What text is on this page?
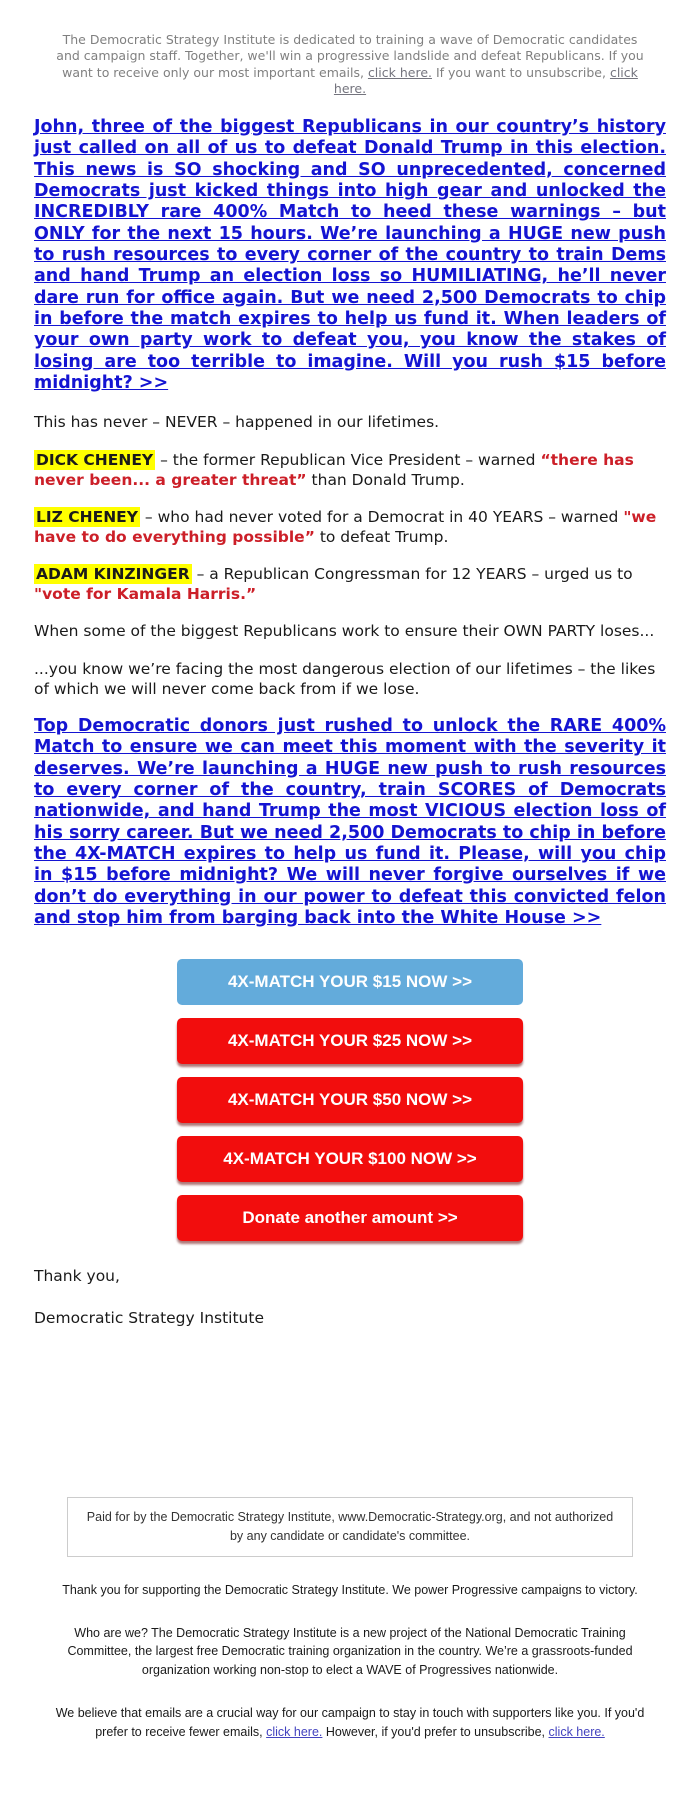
The Democratic Strategy Institute is dedicated to training a wave of Democratic candidates and campaign staff. Together, we'll win a progressive landslide and defeat Republicans. If you want to receive only our most important emails, click here. If you want to unsubscribe, click here.

John, three of the biggest Republicans in our country’s history just called on all of us to defeat Donald Trump in this election. This news is SO shocking and SO unprecedented, concerned Democrats just kicked things into high gear and unlocked the INCREDIBLY rare 400% Match to heed these warnings – but ONLY for the next 15 hours. We’re launching a HUGE new push to rush resources to every corner of the country to train Dems and hand Trump an election loss so HUMILIATING, he’ll never dare run for office again. But we need 2,500 Democrats to chip in before the match expires to help us fund it. When leaders of your own party work to defeat you, you know the stakes of losing are too terrible to imagine. Will you rush $15 before midnight? >>

This has never – NEVER – happened in our lifetimes.

DICK CHENEY – the former Republican Vice President – warned “there has never been... a greater threat” than Donald Trump.

LIZ CHENEY – who had never voted for a Democrat in 40 YEARS – warned "we have to do everything possible” to defeat Trump.

ADAM KINZINGER – a Republican Congressman for 12 YEARS – urged us to "vote for Kamala Harris.”

When some of the biggest Republicans work to ensure their OWN PARTY loses...

...you know we’re facing the most dangerous election of our lifetimes – the likes of which we will never come back from if we lose.

Top Democratic donors just rushed to unlock the RARE 400% Match to ensure we can meet this moment with the severity it deserves. We’re launching a HUGE new push to rush resources to every corner of the country, train SCORES of Democrats nationwide, and hand Trump the most VICIOUS election loss of his sorry career. But we need 2,500 Democrats to chip in before the 4X-MATCH expires to help us fund it. Please, will you chip in $15 before midnight? We will never forgive ourselves if we don’t do everything in our power to defeat this convicted felon and stop him from barging back into the White House >>
4X-MATCH YOUR $15 NOW >>
4X-MATCH YOUR $25 NOW >>
4X-MATCH YOUR $50 NOW >>
4X-MATCH YOUR $100 NOW >>
Donate another amount >>

Thank you,

Democratic Strategy Institute

Paid for by the Democratic Strategy Institute, www.Democratic-Strategy.org, and not authorized by any candidate or candidate's committee.

Thank you for supporting the Democratic Strategy Institute. We power Progressive campaigns to victory.

Who are we? The Democratic Strategy Institute is a new project of the National Democratic Training Committee, the largest free Democratic training organization in the country. We’re a grassroots-funded organization working non-stop to elect a WAVE of Progressives nationwide.

We believe that emails are a crucial way for our campaign to stay in touch with supporters like you. If you'd prefer to receive fewer emails, click here. However, if you'd prefer to unsubscribe, click here.
